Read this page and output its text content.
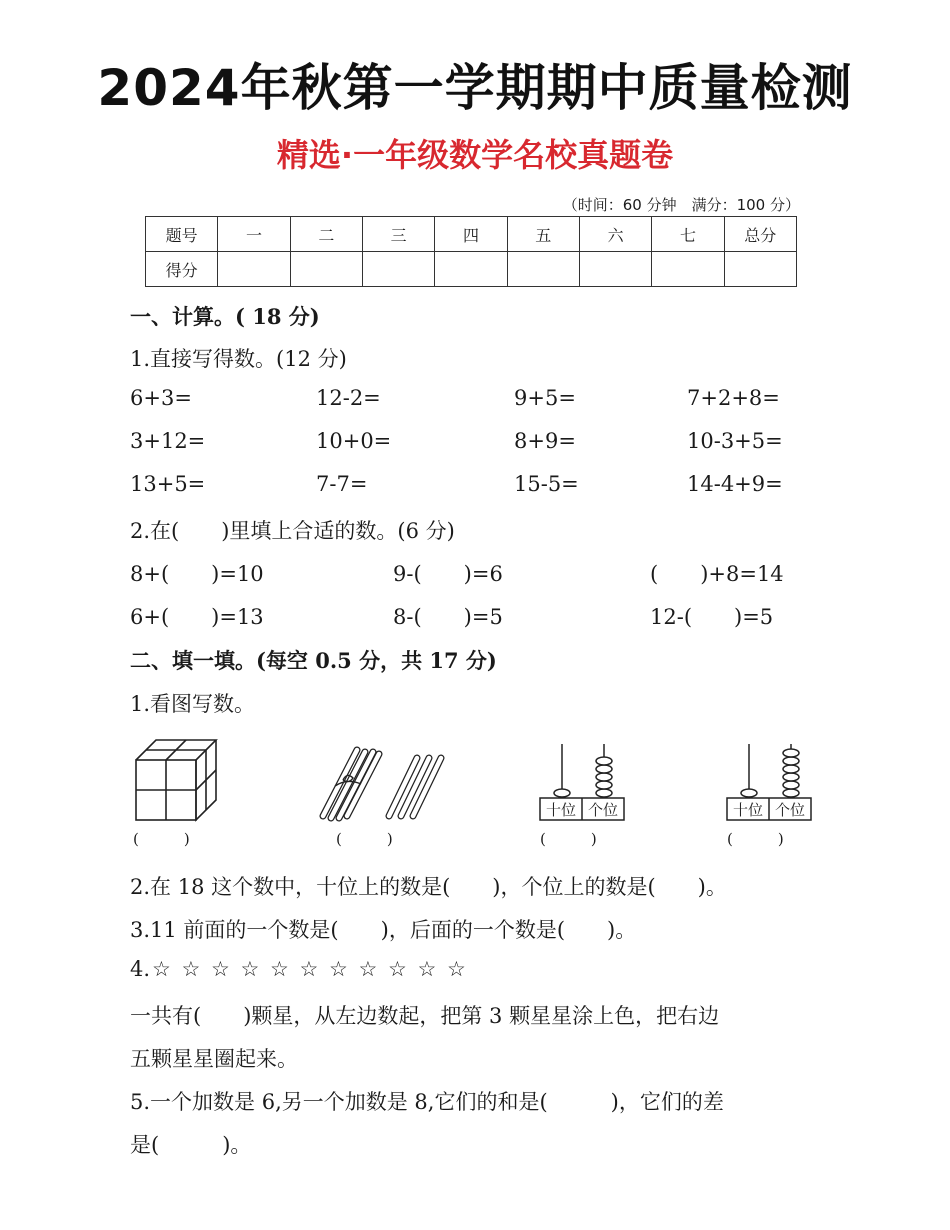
2024年秋第一学期期中质量检测
精选·一年级数学名校真题卷
（时间：60 分钟　满分：100 分）
题号	一	二	三	四	五	六	七	总分
得分								
一、计算。( 18 分)
1.直接写得数。(12 分)
6+3=	12-2=	9+5=	7+2+8=
3+12=	10+0=	8+9=	10-3+5=
13+5=	7-7=	15-5=	14-4+9=
2.在(　　)里填上合适的数。(6 分)
8+(　　)=10	9-(　　)=6	(　　)+8=14
6+(　　)=13	8-(　　)=5	12-(　　)=5
二、填一填。(每空 0.5 分，共 17 分)
1.看图写数。
(　　　)	(　　　)
十位 个位
(　　　)
十位 个位
(　　　)
2.在 18 这个数中，十位上的数是(　　)，个位上的数是(　　)。
3.11 前面的一个数是(　　)，后面的一个数是(　　)。
4. ☆ ☆ ☆ ☆ ☆ ☆ ☆ ☆ ☆ ☆ ☆
一共有(　　)颗星，从左边数起，把第 3 颗星星涂上色，把右边
五颗星星圈起来。
5.一个加数是 6,另一个加数是 8,它们的和是(　　　)，它们的差
是(　　　)。
